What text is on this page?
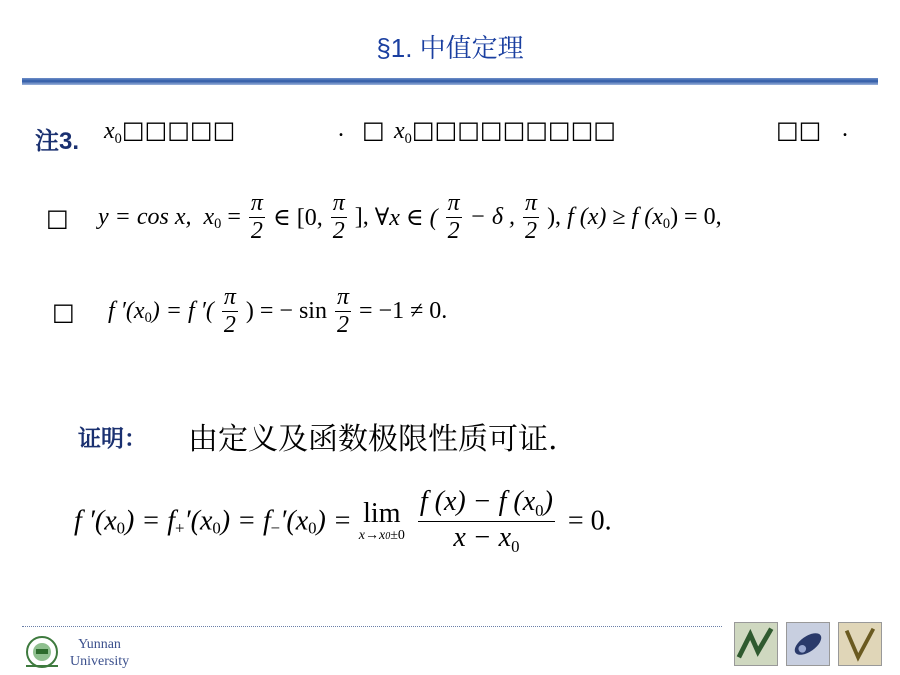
§1. 中值定理
注3. $x_0□□□□□$	. □ $x_0□□□□□□□□□$	□□ .
□ y = cos x,  $x_0 = \frac{\pi}{2}$ ∈ [0, $\frac{\pi}{2}$ ], ∀x ∈ ( $\frac{\pi}{2} - \delta$ , $\frac{\pi}{2}$ ), f (x) ≥ f $(x_0) = 0$,
□ f $'(x_0) = f$ ′( $\frac{\pi}{2}$ ) = − $\sin \frac{\pi}{2} = -1 \ne 0$.
证明： 由定义及函数极限性质可证.
f $'(x_0) = f_+'(x_0) = f_-'(x_0) = \lim$
x→x0±0
$\frac{f (x) - f (x_0)}{x - x_0} = 0$.
Yunnan
University
